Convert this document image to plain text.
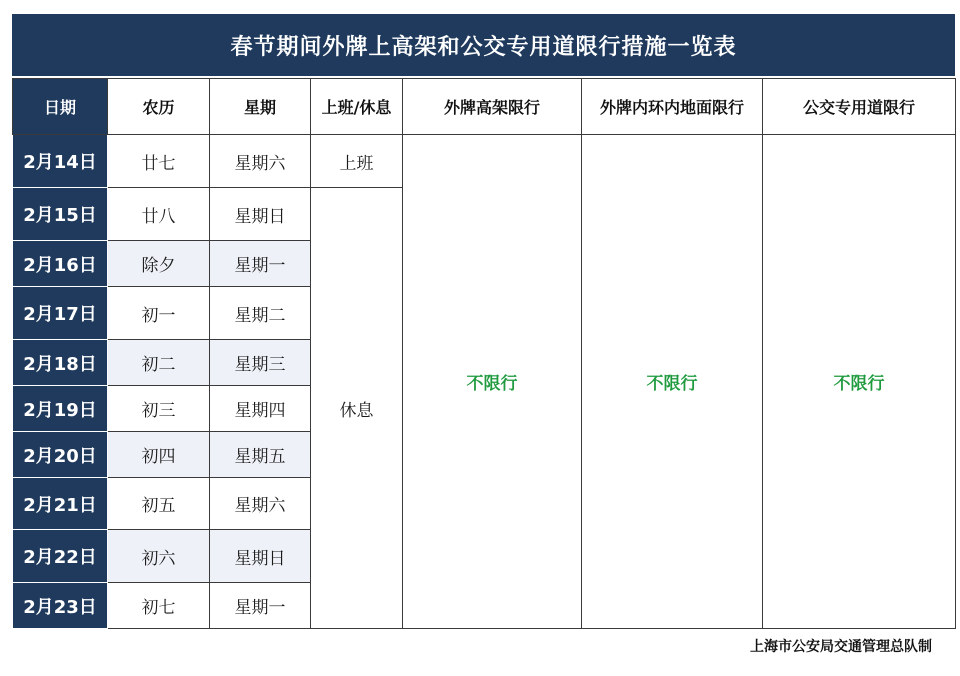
春节期间外牌上高架和公交专用道限行措施一览表
日期	农历	星期	上班/休息	外牌高架限行	外牌内环内地面限行	公交专用道限行
2月14日	廿七	星期六	上班	不限行	不限行	不限行
2月15日	廿八	星期日	休息			
2月16日	除夕	星期一				
2月17日	初一	星期二				
2月18日	初二	星期三				
2月19日	初三	星期四				
2月20日	初四	星期五				
2月21日	初五	星期六				
2月22日	初六	星期日				
2月23日	初七	星期一				
上海市公安局交通管理总队制
